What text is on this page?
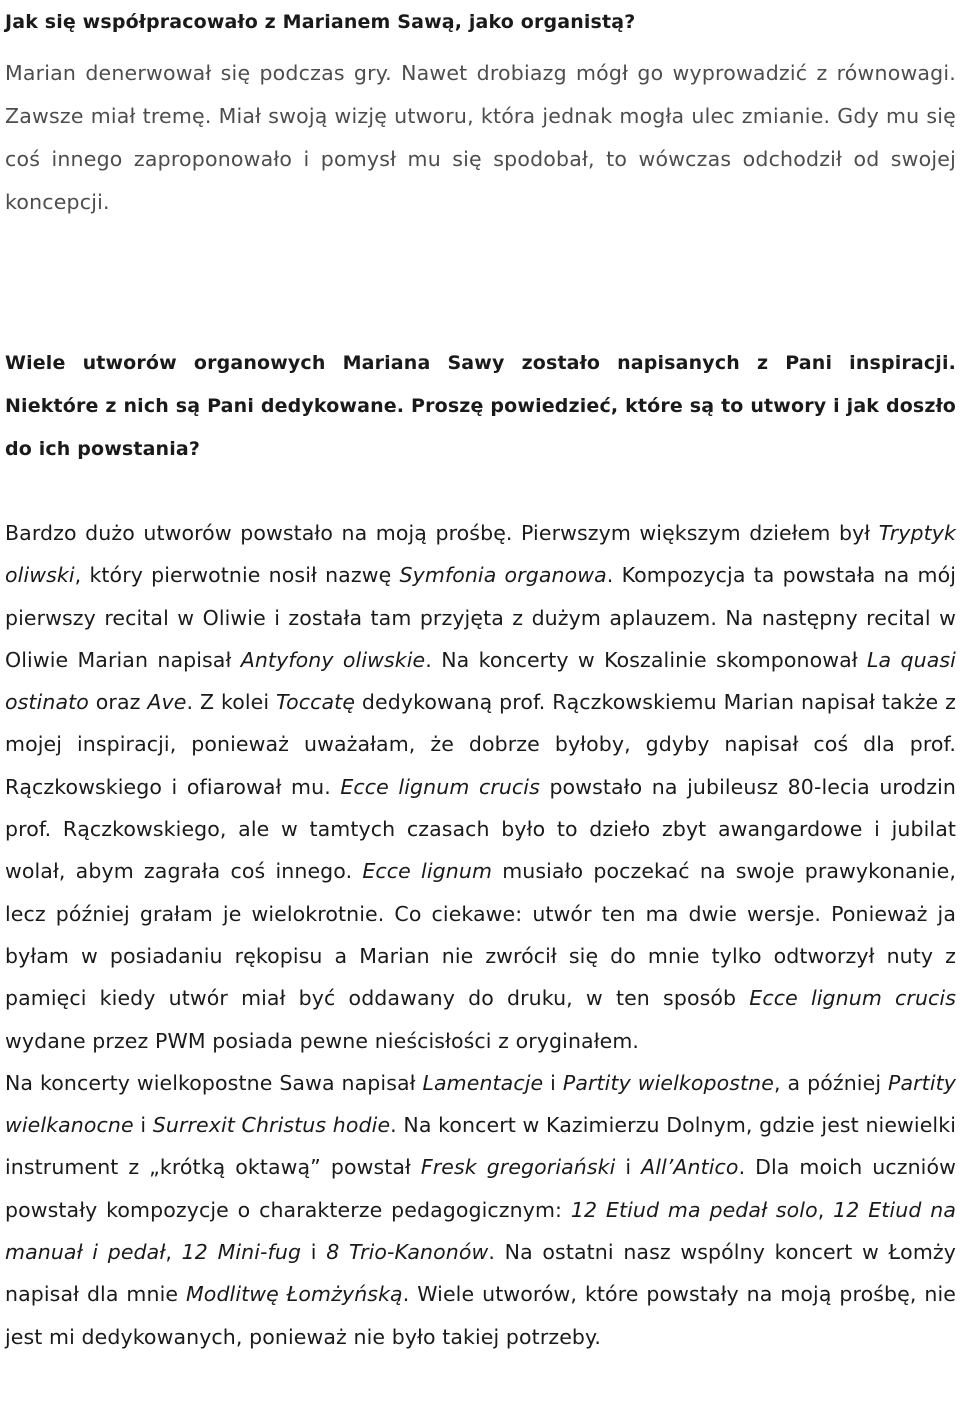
Jak się współpracowało z Marianem Sawą, jako organistą?

Marian denerwował się podczas gry. Nawet drobiazg mógł go wyprowadzić z równowagi. Zawsze miał tremę. Miał swoją wizję utworu, która jednak mogła ulec zmianie. Gdy mu się coś innego zaproponowało i pomysł mu się spodobał, to wówczas odchodził od swojej koncepcji.

Wiele utworów organowych Mariana Sawy zostało napisanych z Pani inspiracji. Niektóre z nich są Pani dedykowane. Proszę powiedzieć, które są to utwory i jak doszło do ich powstania?

Bardzo dużo utworów powstało na moją prośbę. Pierwszym większym dziełem był Tryptyk oliwski, który pierwotnie nosił nazwę Symfonia organowa. Kompozycja ta powstała na mój pierwszy recital w Oliwie i została tam przyjęta z dużym aplauzem. Na następny recital w Oliwie Marian napisał Antyfony oliwskie. Na koncerty w Koszalinie skomponował La quasi ostinato oraz Ave. Z kolei Toccatę dedykowaną prof. Rączkowskiemu Marian napisał także z mojej inspiracji, ponieważ uważałam, że dobrze byłoby, gdyby napisał coś dla prof. Rączkowskiego i ofiarował mu. Ecce lignum crucis powstało na jubileusz 80-lecia urodzin prof. Rączkowskiego, ale w tamtych czasach było to dzieło zbyt awangardowe i jubilat wolał, abym zagrała coś innego. Ecce lignum musiało poczekać na swoje prawykonanie, lecz później grałam je wielokrotnie. Co ciekawe: utwór ten ma dwie wersje. Ponieważ ja byłam w posiadaniu rękopisu a Marian nie zwrócił się do mnie tylko odtworzył nuty z pamięci kiedy utwór miał być oddawany do druku, w ten sposób Ecce lignum crucis wydane przez PWM posiada pewne nieścisłości z oryginałem.

Na koncerty wielkopostne Sawa napisał Lamentacje i Partity wielkopostne, a później Partity wielkanocne i Surrexit Christus hodie. Na koncert w Kazimierzu Dolnym, gdzie jest niewielki instrument z „krótką oktawą” powstał Fresk gregoriański i All’Antico. Dla moich uczniów powstały kompozycje o charakterze pedagogicznym: 12 Etiud ma pedał solo, 12 Etiud na manuał i pedał, 12 Mini-fug i 8 Trio-Kanonów. Na ostatni nasz wspólny koncert w Łomży napisał dla mnie Modlitwę Łomżyńską. Wiele utworów, które powstały na moją prośbę, nie jest mi dedykowanych, ponieważ nie było takiej potrzeby.
